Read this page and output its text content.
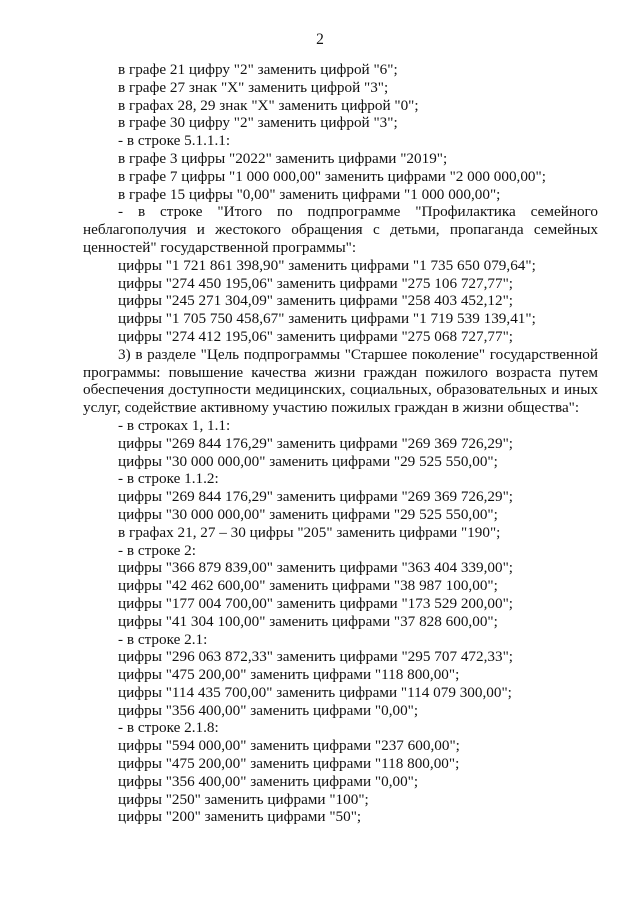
2
в графе 21 цифру "2" заменить цифрой "6";
в графе 27 знак "X" заменить цифрой "3";
в графах 28, 29 знак "X" заменить цифрой "0";
в графе 30 цифру "2" заменить цифрой "3";
- в строке 5.1.1.1:
в графе 3 цифры "2022" заменить цифрами "2019";
в графе 7 цифры "1 000 000,00" заменить цифрами "2 000 000,00";
в графе 15 цифры "0,00" заменить цифрами "1 000 000,00";
- в строке "Итого по подпрограмме "Профилактика семейного
неблагополучия и жестокого обращения с детьми, пропаганда семейных
ценностей" государственной программы":
цифры "1 721 861 398,90" заменить цифрами "1 735 650 079,64";
цифры "274 450 195,06" заменить цифрами "275 106 727,77";
цифры "245 271 304,09" заменить цифрами "258 403 452,12";
цифры "1 705 750 458,67" заменить цифрами "1 719 539 139,41";
цифры "274 412 195,06" заменить цифрами "275 068 727,77";
3) в разделе "Цель подпрограммы "Старшее поколение" государственной
программы: повышение качества жизни граждан пожилого возраста путем
обеспечения доступности медицинских, социальных, образовательных и иных
услуг, содействие активному участию пожилых граждан в жизни общества":
- в строках 1, 1.1:
цифры "269 844 176,29" заменить цифрами "269 369 726,29";
цифры "30 000 000,00" заменить цифрами "29 525 550,00";
- в строке 1.1.2:
цифры "269 844 176,29" заменить цифрами "269 369 726,29";
цифры "30 000 000,00" заменить цифрами "29 525 550,00";
в графах 21, 27 – 30 цифры "205" заменить цифрами "190";
- в строке 2:
цифры "366 879 839,00" заменить цифрами "363 404 339,00";
цифры "42 462 600,00" заменить цифрами "38 987 100,00";
цифры "177 004 700,00" заменить цифрами "173 529 200,00";
цифры "41 304 100,00" заменить цифрами "37 828 600,00";
- в строке 2.1:
цифры "296 063 872,33" заменить цифрами "295 707 472,33";
цифры "475 200,00" заменить цифрами "118 800,00";
цифры "114 435 700,00" заменить цифрами "114 079 300,00";
цифры "356 400,00" заменить цифрами "0,00";
- в строке 2.1.8:
цифры "594 000,00" заменить цифрами "237 600,00";
цифры "475 200,00" заменить цифрами "118 800,00";
цифры "356 400,00" заменить цифрами "0,00";
цифры "250" заменить цифрами "100";
цифры "200" заменить цифрами "50";
